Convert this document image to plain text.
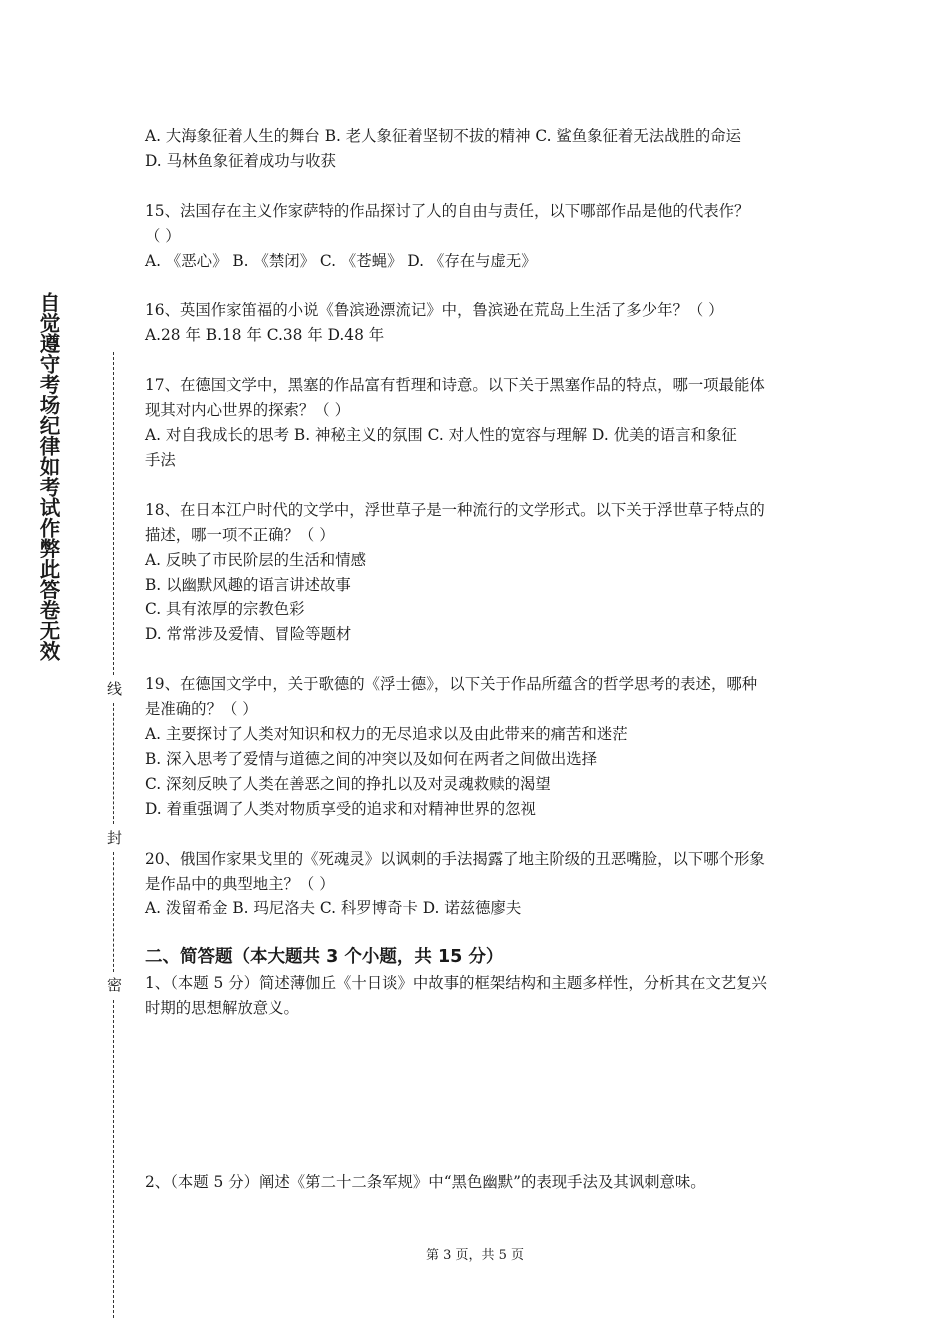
自觉遵守考场纪律如考试作弊此答卷无效
线
封
密
A. 大海象征着人生的舞台 B. 老人象征着坚韧不拔的精神 C. 鲨鱼象征着无法战胜的命运
D. 马林鱼象征着成功与收获
15、法国存在主义作家萨特的作品探讨了人的自由与责任，以下哪部作品是他的代表作？
（ ）
A. 《恶心》 B. 《禁闭》 C. 《苍蝇》 D. 《存在与虚无》
16、英国作家笛福的小说《鲁滨逊漂流记》中，鲁滨逊在荒岛上生活了多少年？（ ）
A.28 年 B.18 年 C.38 年 D.48 年
17、在德国文学中，黑塞的作品富有哲理和诗意。以下关于黑塞作品的特点，哪一项最能体
现其对内心世界的探索？（ ）
A. 对自我成长的思考 B. 神秘主义的氛围 C. 对人性的宽容与理解 D. 优美的语言和象征
手法
18、在日本江户时代的文学中，浮世草子是一种流行的文学形式。以下关于浮世草子特点的
描述，哪一项不正确？（ ）
A. 反映了市民阶层的生活和情感
B. 以幽默风趣的语言讲述故事
C. 具有浓厚的宗教色彩
D. 常常涉及爱情、冒险等题材
19、在德国文学中，关于歌德的《浮士德》，以下关于作品所蕴含的哲学思考的表述，哪种
是准确的？（ ）
A. 主要探讨了人类对知识和权力的无尽追求以及由此带来的痛苦和迷茫
B. 深入思考了爱情与道德之间的冲突以及如何在两者之间做出选择
C. 深刻反映了人类在善恶之间的挣扎以及对灵魂救赎的渴望
D. 着重强调了人类对物质享受的追求和对精神世界的忽视
20、俄国作家果戈里的《死魂灵》以讽刺的手法揭露了地主阶级的丑恶嘴脸，以下哪个形象
是作品中的典型地主？（ ）
A. 泼留希金 B. 玛尼洛夫 C. 科罗博奇卡 D. 诺兹德廖夫
二、简答题（本大题共 3 个小题，共 15 分）
1、（本题 5 分）简述薄伽丘《十日谈》中故事的框架结构和主题多样性，分析其在文艺复兴
时期的思想解放意义。
2、（本题 5 分）阐述《第二十二条军规》中“黑色幽默”的表现手法及其讽刺意味。
第 3 页，共 5 页
